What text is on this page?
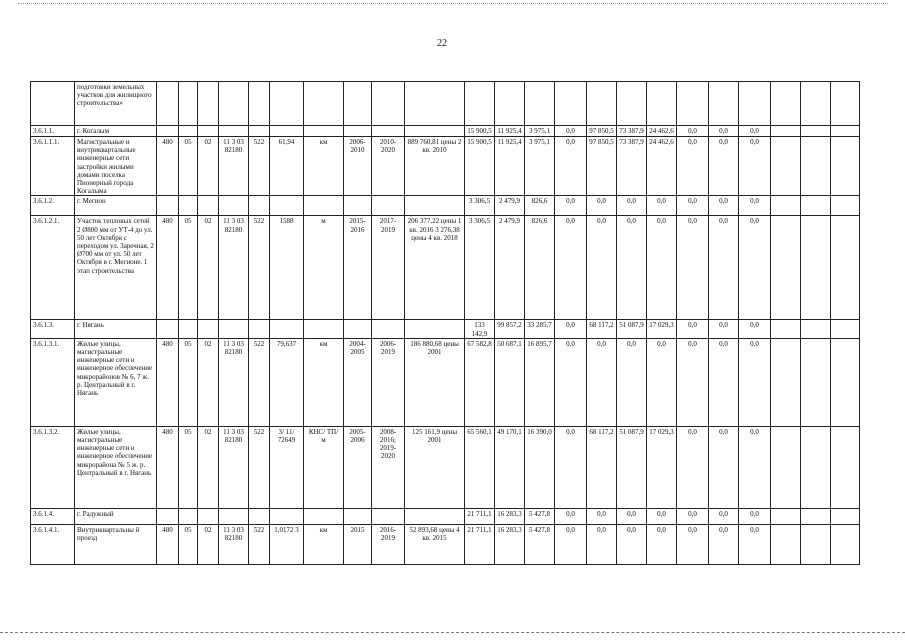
22
	подготовки земельных участков для жилищного строительства»																							
3.6.1.1.	г. Когалым											15 900,5	11 925,4	3 975,1	0,0	97 850,5	73 387,9	24 462,6	0,0	0,0	0,0			
3.6.1.1.1.	Магистральные и внутриквартальные инженерные сети застройки жилыми домами поселка Пионерный города Когалыма	480	05	02	11 3 03 82180	522	61,94	км	2006-2010	2010-2020	889 760,81 цены 2 кв. 2010	15 900,5	11 925,4	3 975,1	0,0	97 850,5	73 387,9	24 462,6	0,0	0,0	0,0			
3.6.1.2.	г. Мегион											3 306,5	2 479,9	826,6	0,0	0,0	0,0	0,0	0,0	0,0	0,0			
3.6.1.2.1.	Участок тепловых сетей 2 Ø800 мм от УТ-4 до ул. 50 лет Октября с переходом ул. Заречная, 2 Ø700 мм от ул. 50 лет Октября в г. Мегионе. 1 этап строительства	480	05	02	11 3 03 82180	522	1588	м	2015-2016	2017-2019	206 377,22 цены 1 кв. 2016 3 276,38 цены 4 кв. 2018	3 306,5	2 479,9	826,6	0,0	0,0	0,0	0,0	0,0	0,0	0,0			
3.6.1.3.	г. Нягань											133 142,9	99 857,2	33 285,7	0,0	68 117,2	51 087,9	17 029,3	0,0	0,0	0,0			
3.6.1.3.1.	Жилые улицы, магистральные инженерные сети и инженерное обеспечение микрорайонов № 6, 7 ж. р. Центральный в г. Нягань	480	05	02	11 3 03 82180	522	79,637	км	2004-2005	2006-2019	186 880,68 цены 2001	67 582,8	50 687,1	16 895,7	0,0	0,0	0,0	0,0	0,0	0,0	0,0			
3.6.1.3.2.	Жилые улицы, магистральные инженерные сети и инженерное обеспечение микрорайона № 5 ж. р. Центральный в г. Нягань	480	05	02	11 3 03 82180	522	3/ 11/ 72649	КНС/ ТП/ м	2005-2006	2008-2016; 2019-2020	125 161,9 цены 2001	65 560,1	49 170,1	16 390,0	0,0	68 117,2	51 087,9	17 029,3	0,0	0,0	0,0			
3.6.1.4.	г. Радужный											21 711,1	16 283,3	5 427,8	0,0	0,0	0,0	0,0	0,0	0,0	0,0			
3.6.1.4.1.	Внутриквартальны й проезд	480	05	02	11 3 03 82180	522	1,0172 3	км	2015	2016-2019	52 893,68 цены 4 кв. 2015	21 711,1	16 283,3	5 427,8	0,0	0,0	0,0	0,0	0,0	0,0	0,0			
